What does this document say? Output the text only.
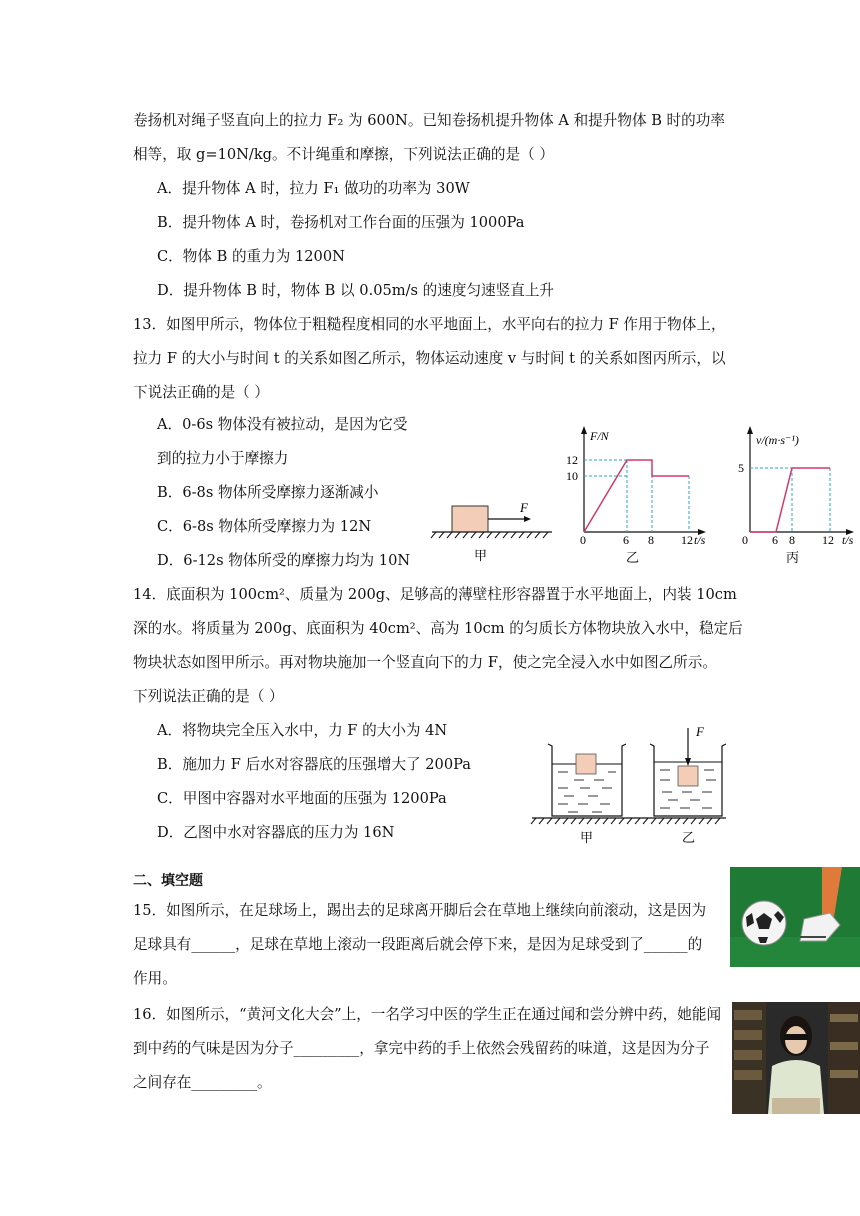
卷扬机对绳子竖直向上的拉力 F₂ 为 600N。已知卷扬机提升物体 A 和提升物体 B 时的功率
相等，取 g=10N/kg。不计绳重和摩擦，下列说法正确的是（ ）
A．提升物体 A 时，拉力 F₁ 做功的功率为 30W
B．提升物体 A 时，卷扬机对工作台面的压强为 1000Pa
C．物体 B 的重力为 1200N
D．提升物体 B 时，物体 B 以 0.05m/s 的速度匀速竖直上升
13．如图甲所示，物体位于粗糙程度相同的水平地面上，水平向右的拉力 F 作用于物体上，
拉力 F 的大小与时间 t 的关系如图乙所示，物体运动速度 v 与时间 t 的关系如图丙所示，以
下说法正确的是（ ）
A．0-6s 物体没有被拉动，是因为它受
到的拉力小于摩擦力
B．6-8s 物体所受摩擦力逐渐减小
C．6-8s 物体所受摩擦力为 12N
D．6-12s 物体所受的摩擦力均为 10N
F
甲
F/N
t/s
0
12
10
6 8 12
乙
v/(m·s⁻¹)
t/s
0
5
6 8 12
丙
14．底面积为 100cm²、质量为 200g、足够高的薄壁柱形容器置于水平地面上，内装 10cm
深的水。将质量为 200g、底面积为 40cm²、高为 10cm 的匀质长方体物块放入水中，稳定后
物块状态如图甲所示。再对物块施加一个竖直向下的力 F，使之完全浸入水中如图乙所示。
下列说法正确的是（ ）
A．将物块完全压入水中，力 F 的大小为 4N
B．施加力 F 后水对容器底的压强增大了 200Pa
C．甲图中容器对水平地面的压强为 1200Pa
D．乙图中水对容器底的压力为 16N
F
甲	乙
二、填空题
15．如图所示，在足球场上，踢出去的足球离开脚后会在草地上继续向前滚动，这是因为
足球具有______，足球在草地上滚动一段距离后就会停下来，是因为足球受到了______的
作用。
16．如图所示，“黄河文化大会”上，一名学习中医的学生正在通过闻和尝分辨中药，她能闻
到中药的气味是因为分子_________，拿完中药的手上依然会残留药的味道，这是因为分子
之间存在_________。
